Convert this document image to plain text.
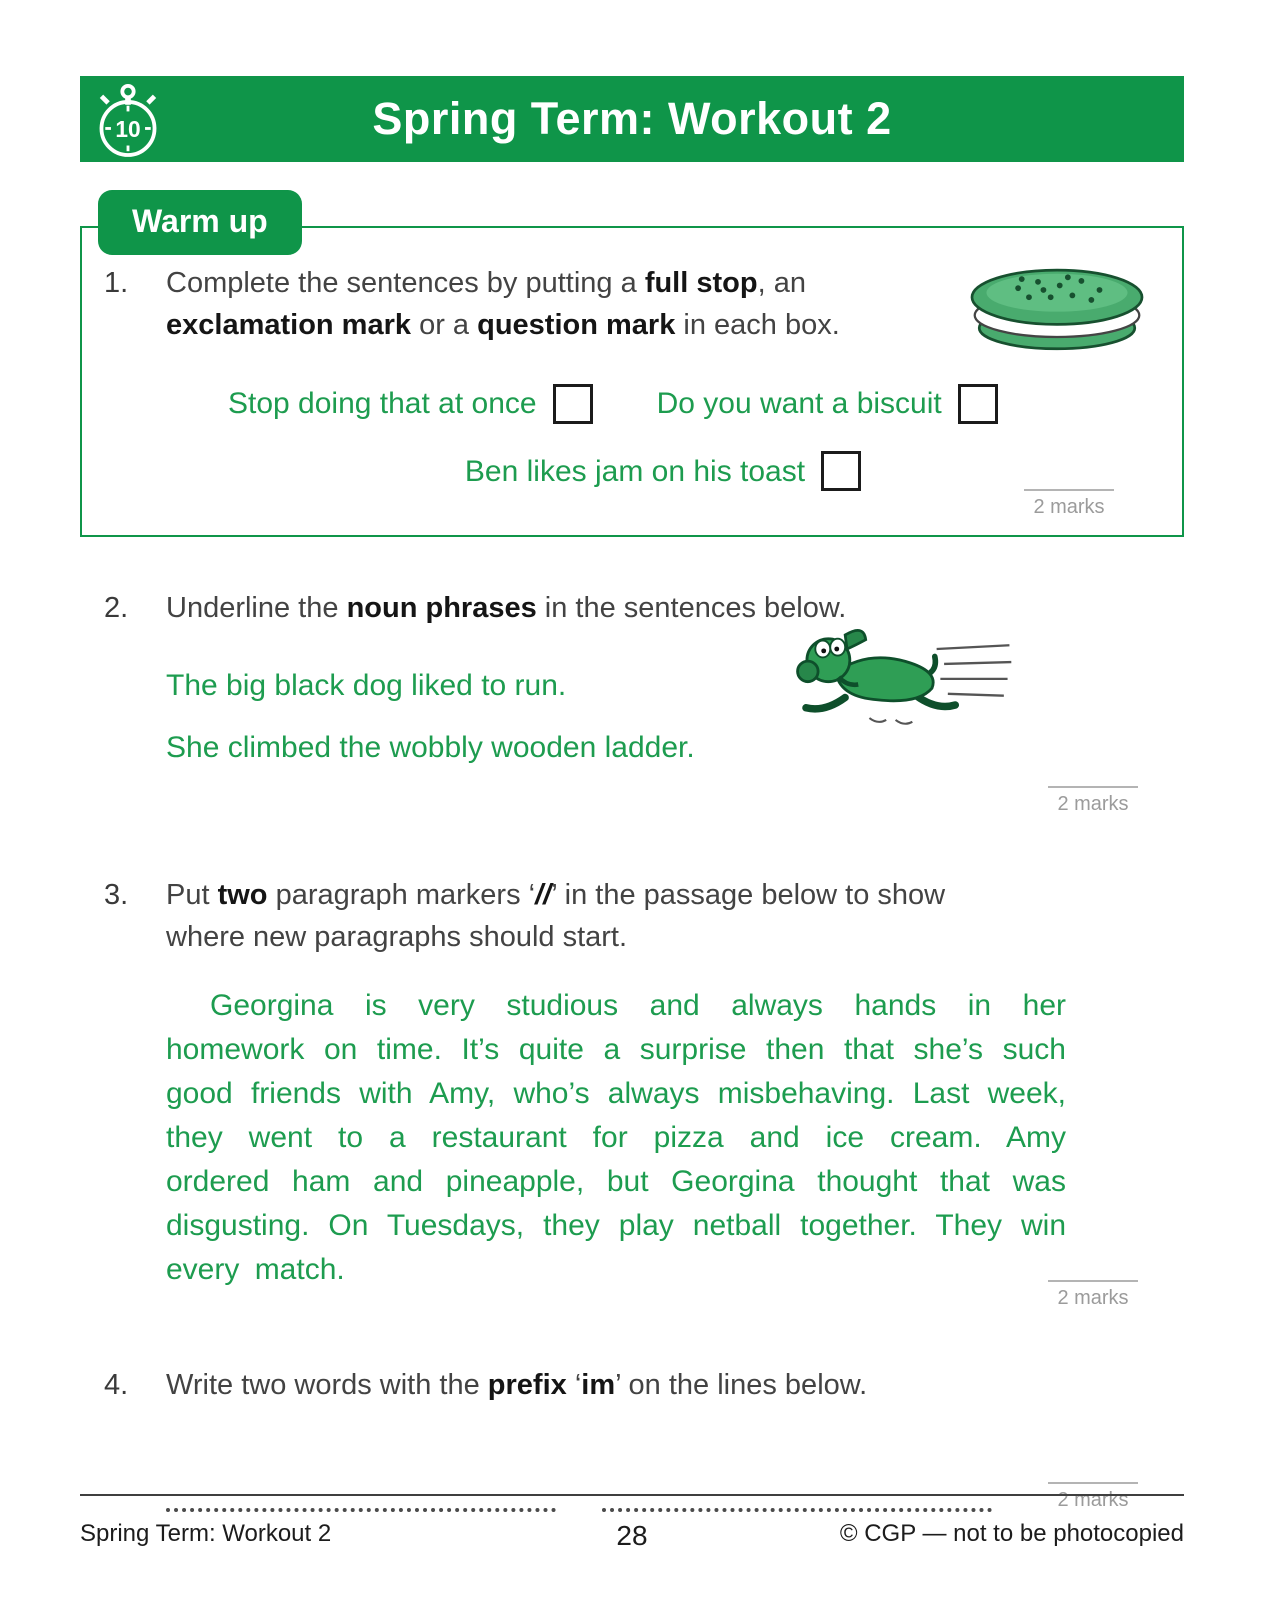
10	Spring Term: Workout 2
Warm up
1.	Complete the sentences by putting a full stop, an exclamation mark or a question mark in each box.
Stop doing that at once	Do you want a biscuit
Ben likes jam on his toast
2 marks
2.	Underline the noun phrases in the sentences below.
The big black dog liked to run.
She climbed the wobbly wooden ladder.
2 marks
3.	Put two paragraph markers ‘//’ in the passage below to show where new paragraphs should start.
Georgina is very studious and always hands in her homework on time. It’s quite a surprise then that she’s such good friends with Amy, who’s always misbehaving. Last week, they went to a restaurant for pizza and ice cream. Amy ordered ham and pineapple, but Georgina thought that was disgusting. On Tuesdays, they play netball together. They win every match.
2 marks
4.	Write two words with the prefix ‘im’ on the lines below.
2 marks
Spring Term: Workout 2	28	© CGP — not to be photocopied
